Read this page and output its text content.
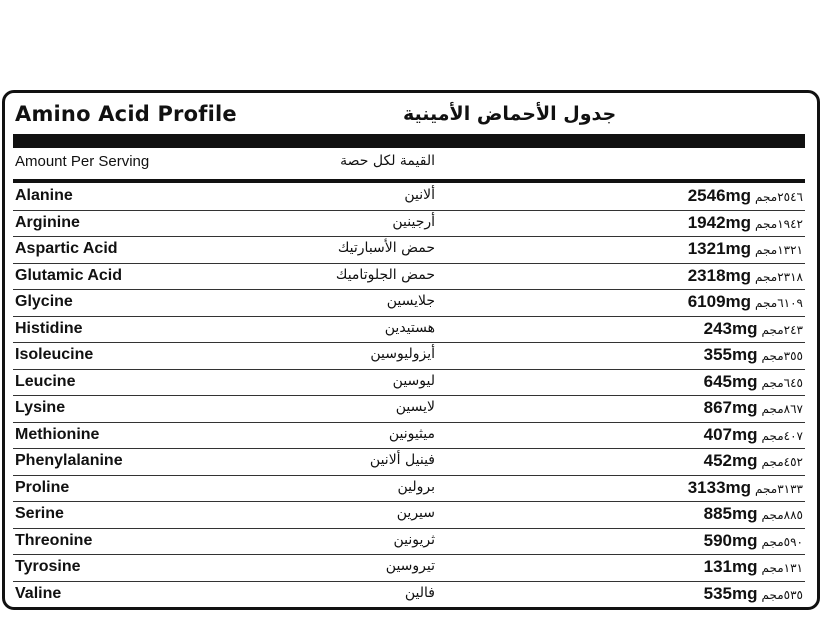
Amino Acid Profile	جدول الأحماض الأمينية
Amount Per Serving	القيمة لكل حصة
Alanine	ألانين	2546mg ٢٥٤٦مجم
Arginine	أرجينين	1942mg ١٩٤٢مجم
Aspartic Acid	حمض الأسبارتيك	1321mg ١٣٢١مجم
Glutamic Acid	حمض الجلوتاميك	2318mg ٢٣١٨مجم
Glycine	جلايسين	6109mg ٦١٠٩مجم
Histidine	هستيدين	243mg ٢٤٣مجم
Isoleucine	أيزوليوسين	355mg ٣٥٥مجم
Leucine	ليوسين	645mg ٦٤٥مجم
Lysine	لايسين	867mg ٨٦٧مجم
Methionine	ميثيونين	407mg ٤٠٧مجم
Phenylalanine	فينيل ألانين	452mg ٤٥٢مجم
Proline	برولين	3133mg ٣١٣٣مجم
Serine	سيرين	885mg ٨٨٥مجم
Threonine	ثريونين	590mg ٥٩٠مجم
Tyrosine	تيروسين	131mg ١٣١مجم
Valine	فالين	535mg ٥٣٥مجم
